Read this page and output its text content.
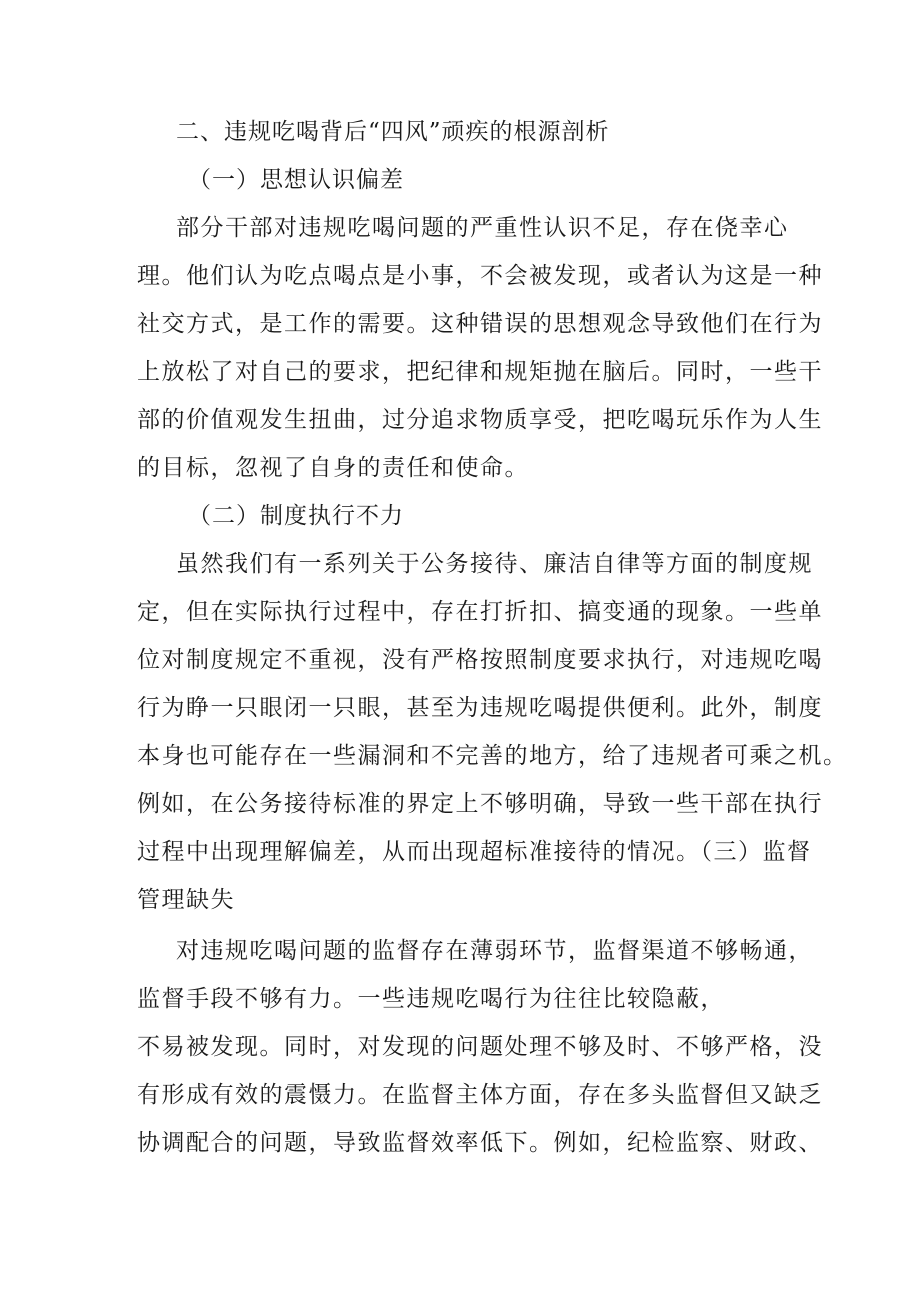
二、违规吃喝背后“四风”顽疾的根源剖析
（一）思想认识偏差
部分干部对违规吃喝问题的严重性认识不足，存在侥幸心
理。他们认为吃点喝点是小事，不会被发现，或者认为这是一种
社交方式，是工作的需要。这种错误的思想观念导致他们在行为
上放松了对自己的要求，把纪律和规矩抛在脑后。同时，一些干
部的价值观发生扭曲，过分追求物质享受，把吃喝玩乐作为人生
的目标，忽视了自身的责任和使命。
（二）制度执行不力
虽然我们有一系列关于公务接待、廉洁自律等方面的制度规
定，但在实际执行过程中，存在打折扣、搞变通的现象。一些单
位对制度规定不重视，没有严格按照制度要求执行，对违规吃喝
行为睁一只眼闭一只眼，甚至为违规吃喝提供便利。此外，制度
本身也可能存在一些漏洞和不完善的地方，给了违规者可乘之机。
例如，在公务接待标准的界定上不够明确，导致一些干部在执行
过程中出现理解偏差，从而出现超标准接待的情况。（三）监督
管理缺失
对违规吃喝问题的监督存在薄弱环节，监督渠道不够畅通，
监督手段不够有力。一些违规吃喝行为往往比较隐蔽，
不易被发现。同时，对发现的问题处理不够及时、不够严格，没
有形成有效的震慑力。在监督主体方面，存在多头监督但又缺乏
协调配合的问题，导致监督效率低下。例如，纪检监察、财政、
